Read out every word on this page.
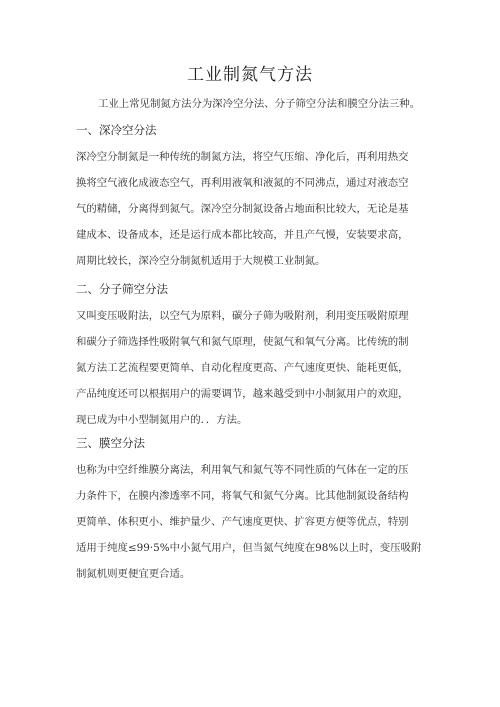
工业制氮气方法
工业上常见制氮方法分为深冷空分法、分子筛空分法和膜空分法三种。
一、深冷空分法
深冷空分制氮是一种传统的制氮方法，将空气压缩、净化后，再利用热交
换将空气液化成液态空气，再利用液氧和液氮的不同沸点，通过对液态空
气的精储，分离得到氮气。深冷空分制氮设备占地面积比较大，无论是基
建成本、设备成本，还是运行成本都比较高，并且产气慢，安装要求高，
周期比较长，深冷空分制氮机适用于大规模工业制氮。
二、分子筛空分法
又叫变压吸附法，以空气为原料，碳分子筛为吸附剂，利用变压吸附原理
和碳分子筛选择性吸附氧气和氮气原理，使氮气和氧气分离。比传统的制
氮方法工艺流程要更简单、自动化程度更高、产气速度更快、能耗更低，
产品纯度还可以根据用户的需要调节，越来越受到中小制氮用户的欢迎，
现已成为中小型制氮用户的．．方法。
三、膜空分法
也称为中空纤维膜分离法，利用氧气和氮气等不同性质的气体在一定的压
力条件下，在膜内渗透率不同，将氧气和氮气分离。比其他制氮设备结构
更简单、体积更小、维护量少、产气速度更快、扩容更方便等优点，特别
适用于纯度≤99·5%中小氮气用户，但当氮气纯度在98%以上时，变压吸附
制氮机则更便宜更合适。
